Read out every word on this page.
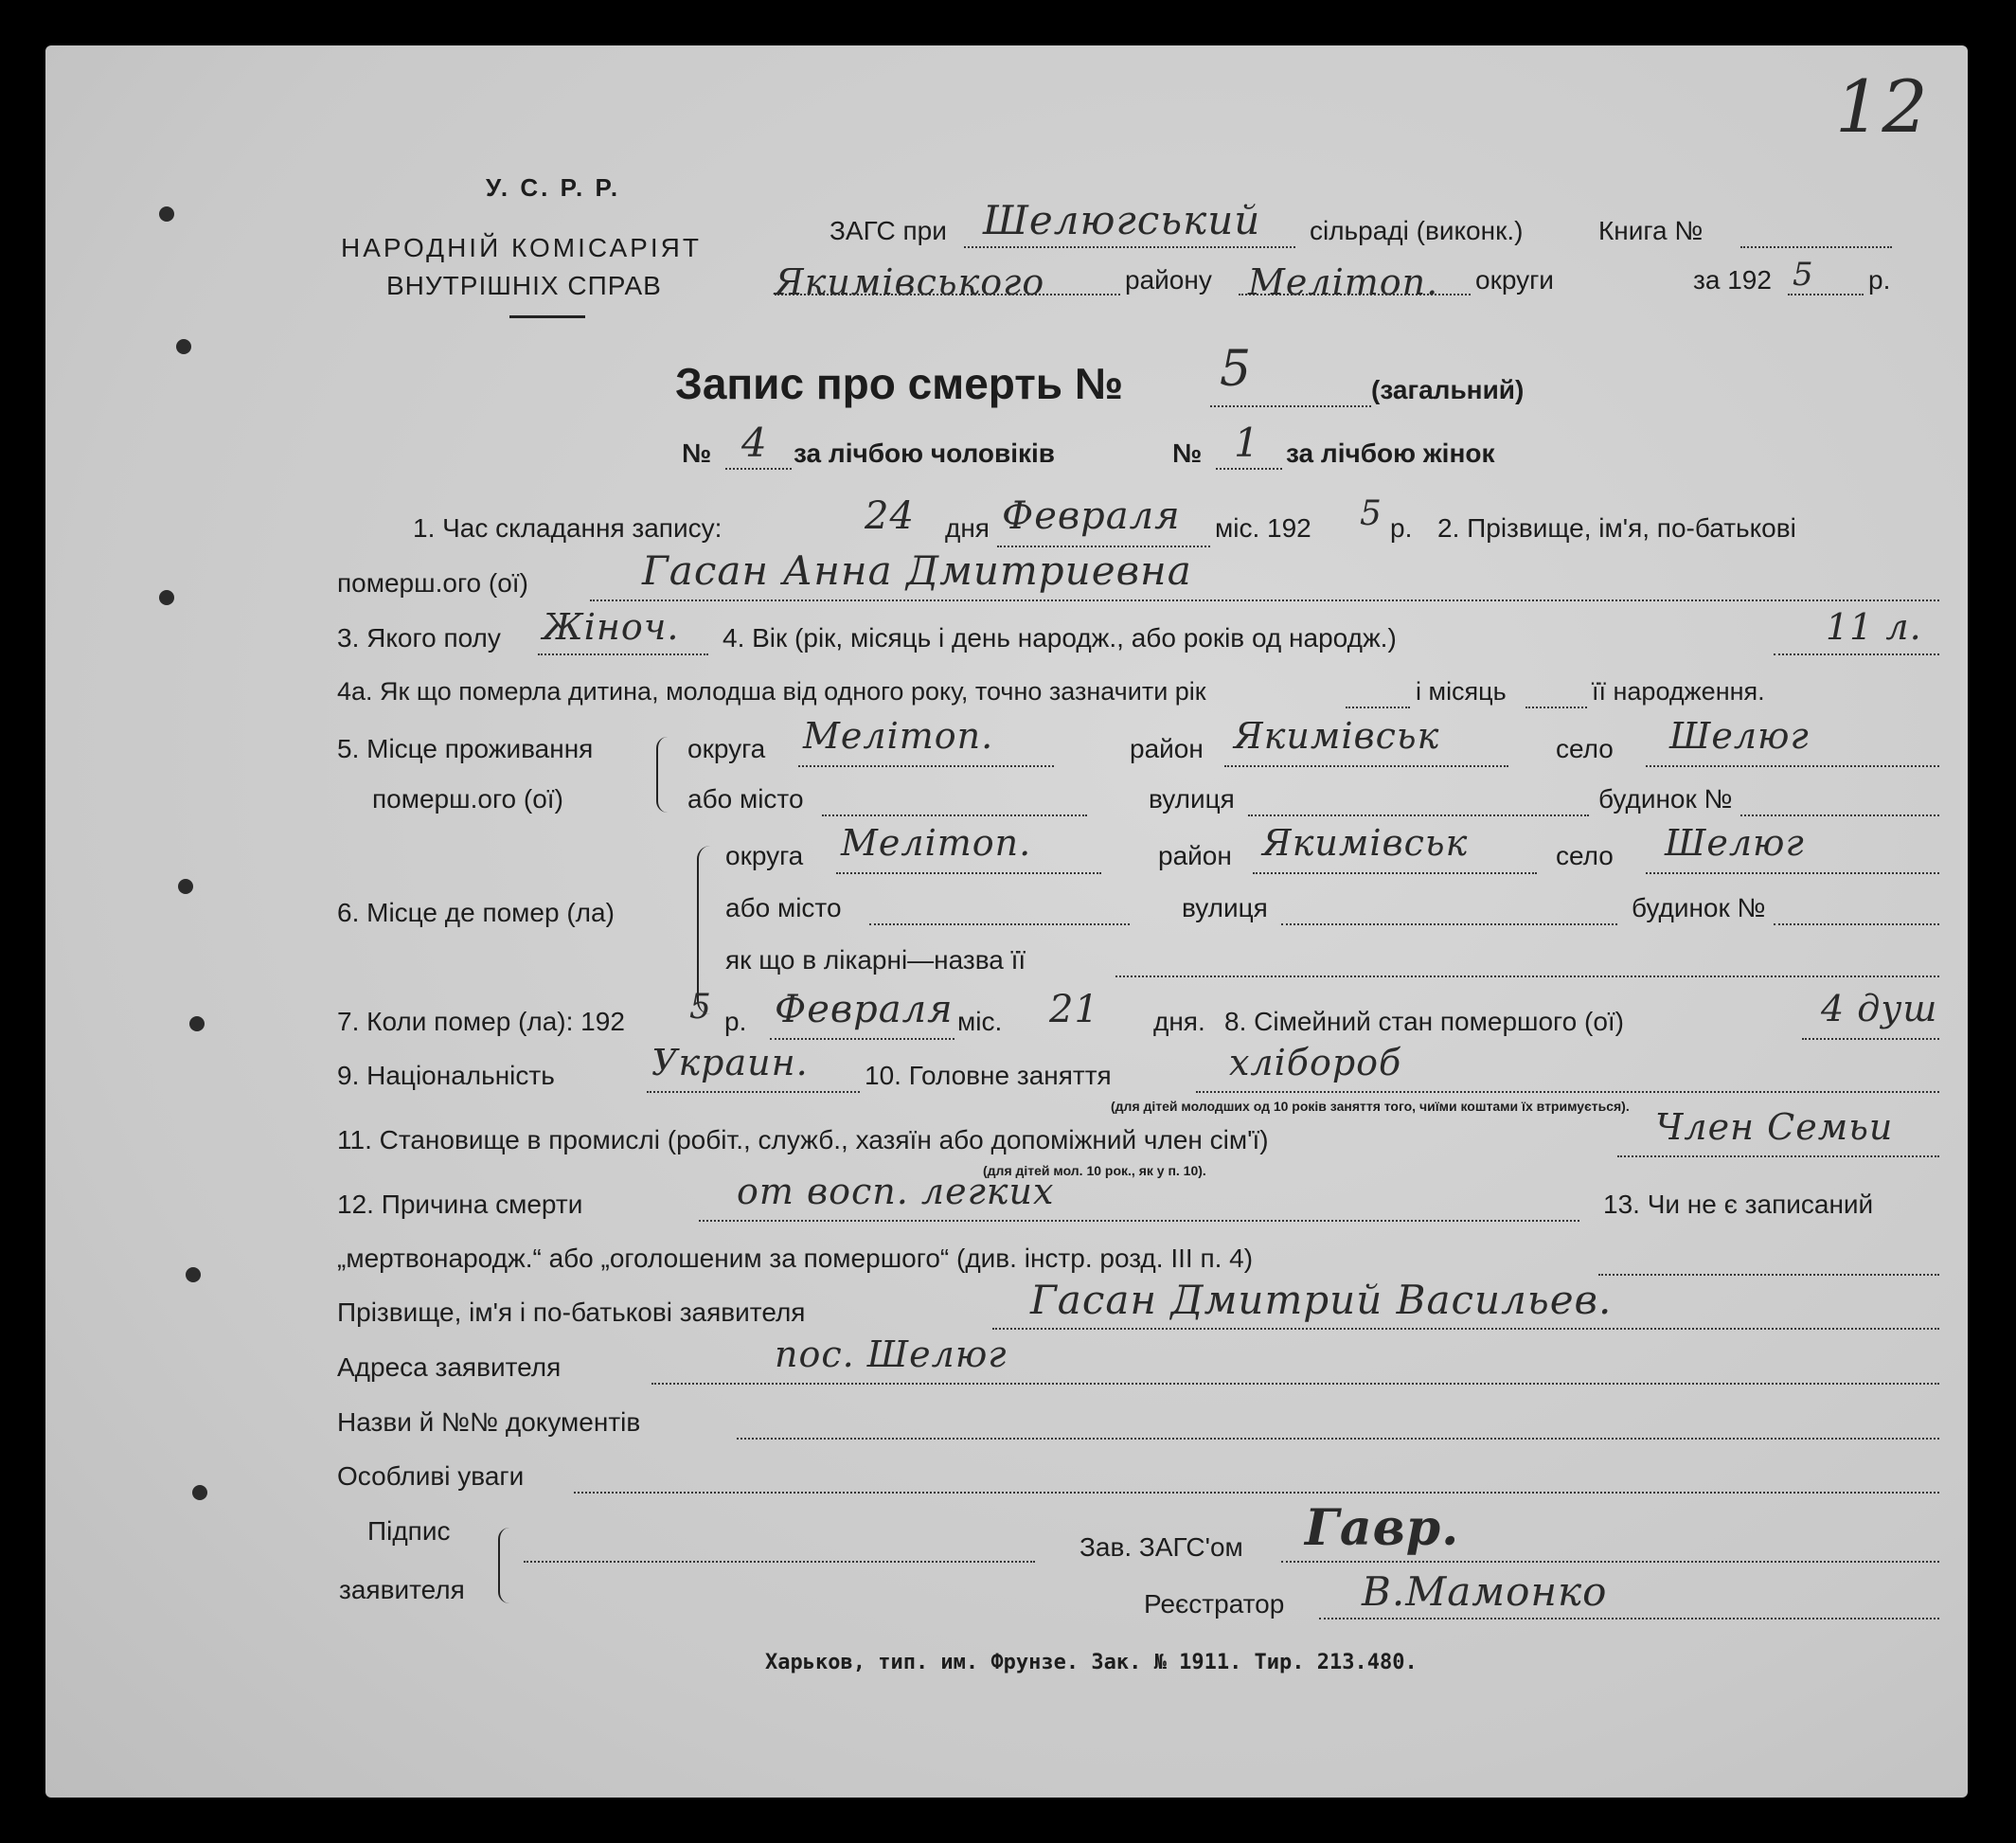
12
У. С. Р. Р.
НАРОДНІЙ КОМІСАРІЯТ
ВНУТРІШНІХ СПРАВ
ЗАГС при Шелюгський сільраді (виконк.)	Книга №
Якимівського	району Мелітоп. округи	за 192 5 р.
Запис про смерть № 5	(загальний)
№ 4 за лічбою чоловіків	№ 1 за лічбою жінок
1. Час складання запису:	24 дня Февраля міс. 192 5 р. 2. Прізвище, ім'я, по-батькові
померш.ого (ої)	Гасан Анна Дмитриевна
3. Якого полу Жіноч. 4. Вік (рік, місяць і день народж., або років од народж.)	11 л.
4а. Як що померла дитина, молодша від одного року, точно зазначити рік	і місяць	її народження.
5. Місце проживання
померш.ого (ої)
округа Мелітоп.	район Якимівськ	село Шелюг
або місто	вулиця	будинок №
6. Місце де помер (ла)
округа Мелітоп.	район Якимівськ	село Шелюг
або місто	вулиця	будинок №
як що в лікарні—назва її
7. Коли помер (ла): 192 5 р. Февраля міс. 21 дня. 8. Сімейний стан помершого (ої)	4 душ
9. Національність	Украин. 10. Головне заняття	хлібороб
(для дітей молодших од 10 років заняття того, чиїми коштами їх втримується).
11. Становище в промислі (робіт., служб., хазяїн або допоміжний член сім'ї)	Член Семьи
(для дітей мол. 10 рок., як у п. 10).
12. Причина смерти	от восп. легких	13. Чи не є записаний
„мертвонародж.“ або „оголошеним за помершого“ (див. інстр. розд. III п. 4)
Прізвище, ім'я і по-батькові заявителя	Гасан Дмитрий Васильев.
Адреса заявителя	пос. Шелюг
Назви й №№ документів
Особливі уваги
Підпис
заявителя
Зав. ЗАГС'ом Гавр.
Реєстратор В.Мамонко
Харьков, тип. им. Фрунзе. Зак. № 1911. Тир. 213.480.
